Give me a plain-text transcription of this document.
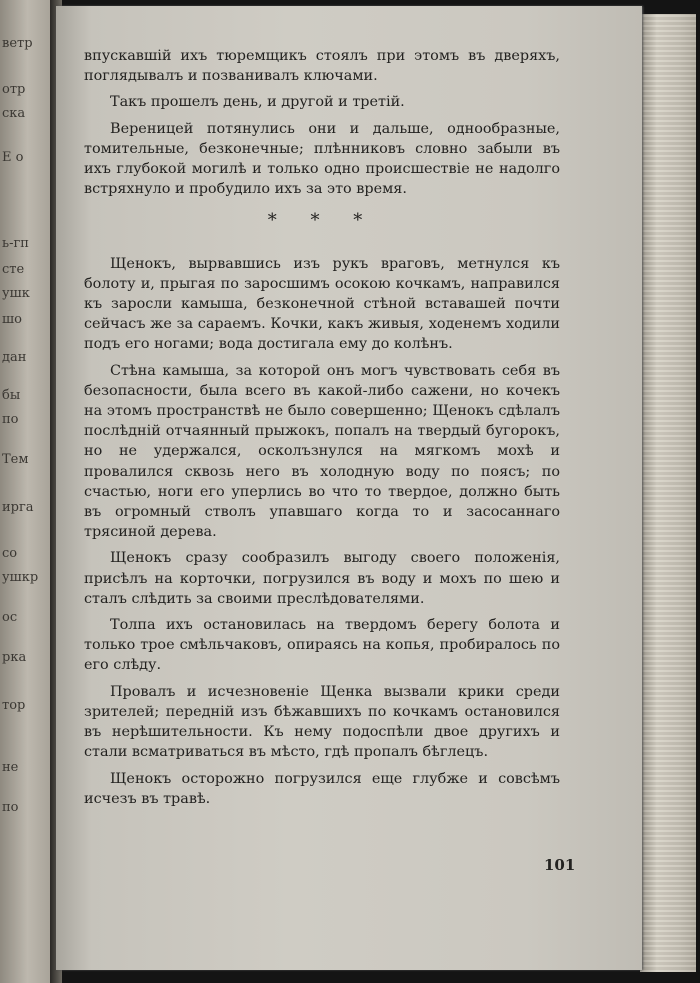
ветр
отр
ска
Е о
ь-гп
сте
ушк
шо
дан
бы
по
Тем
ирга
со
ушкр
ос
рка
тор
не
по

впускавшій ихъ тюремщикъ стоялъ при этомъ въ дверяхъ, поглядывалъ и позванивалъ ключами.

Такъ прошелъ день, и другой и третій.

Вереницей потянулись они и дальше, однообразные, томительные, безконечные; плѣнниковъ словно забыли въ ихъ глубокой могилѣ и только одно происшествіе не надолго встряхнуло и пробудило ихъ за это время.

* * *

Щенокъ, вырвавшись изъ рукъ враговъ, метнулся къ болоту и, прыгая по заросшимъ осокою кочкамъ, направился къ заросли камыша, безконечной стѣной вставашей почти сейчасъ же за сараемъ. Кочки, какъ живыя, ходенемъ ходили подъ его ногами; вода достигала ему до колѣнъ.

Стѣна камыша, за которой онъ могъ чувствовать себя въ безопасности, была всего въ какой-либо сажени, но кочекъ на этомъ пространствѣ не было совершенно; Щенокъ сдѣлалъ послѣдній отчаянный прыжокъ, попалъ на твердый бугорокъ, но не удержался, осколъзнулся на мягкомъ мохѣ и провалился сквозь него въ холодную воду по поясъ; по счастью, ноги его уперлись во что то твердое, должно быть въ огромный стволъ упавшаго когда то и засосаннаго трясиной дерева.

Щенокъ сразу сообразилъ выгоду своего положенія, присѣлъ на корточки, погрузился въ воду и мохъ по шею и сталъ слѣдить за своими преслѣдователями.

Толпа ихъ остановилась на твердомъ берегу болота и только трое смѣльчаковъ, опираясь на копья, пробиралось по его слѣду.

Провалъ и исчезновеніе Щенка вызвали крики среди зрителей; передній изъ бѣжавшихъ по кочкамъ остановился въ нерѣшительности. Къ нему подоспѣли двое другихъ и стали всматриваться въ мѣсто, гдѣ пропалъ бѣглецъ.

Щенокъ осторожно погрузился еще глубже и совсѣмъ исчезъ въ травѣ.

101
